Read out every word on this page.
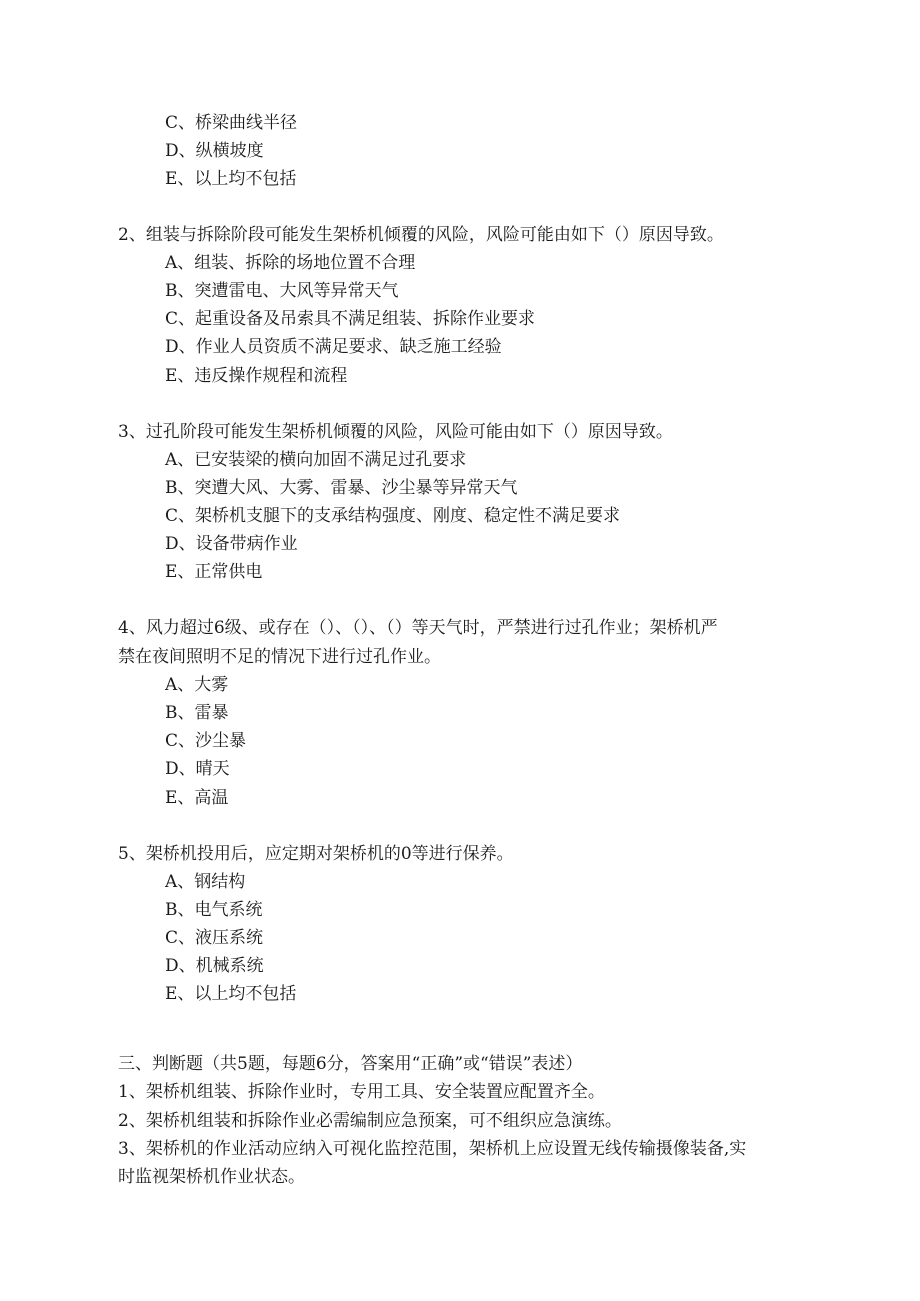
C、桥梁曲线半径
D、纵横坡度
E、以上均不包括
2、组装与拆除阶段可能发生架桥机倾覆的风险，风险可能由如下（）原因导致。
A、组装、拆除的场地位置不合理
B、突遭雷电、大风等异常天气
C、起重设备及吊索具不满足组装、拆除作业要求
D、作业人员资质不满足要求、缺乏施工经验
E、违反操作规程和流程
3、过孔阶段可能发生架桥机倾覆的风险，风险可能由如下（）原因导致。
A、已安装梁的横向加固不满足过孔要求
B、突遭大风、大雾、雷暴、沙尘暴等异常天气
C、架桥机支腿下的支承结构强度、刚度、稳定性不满足要求
D、设备带病作业
E、正常供电
4、风力超过6级、或存在（）、（）、（）等天气时，严禁进行过孔作业；架桥机严
禁在夜间照明不足的情况下进行过孔作业。
A、大雾
B、雷暴
C、沙尘暴
D、晴天
E、高温
5、架桥机投用后，应定期对架桥机的0等进行保养。
A、钢结构
B、电气系统
C、液压系统
D、机械系统
E、以上均不包括
三、判断题（共5题，每题6分，答案用“正确”或“错误”表述）
1、架桥机组装、拆除作业时，专用工具、安全装置应配置齐全。
2、架桥机组装和拆除作业必需编制应急预案，可不组织应急演练。
3、架桥机的作业活动应纳入可视化监控范围，架桥机上应设置无线传输摄像装备,实
时监视架桥机作业状态。
